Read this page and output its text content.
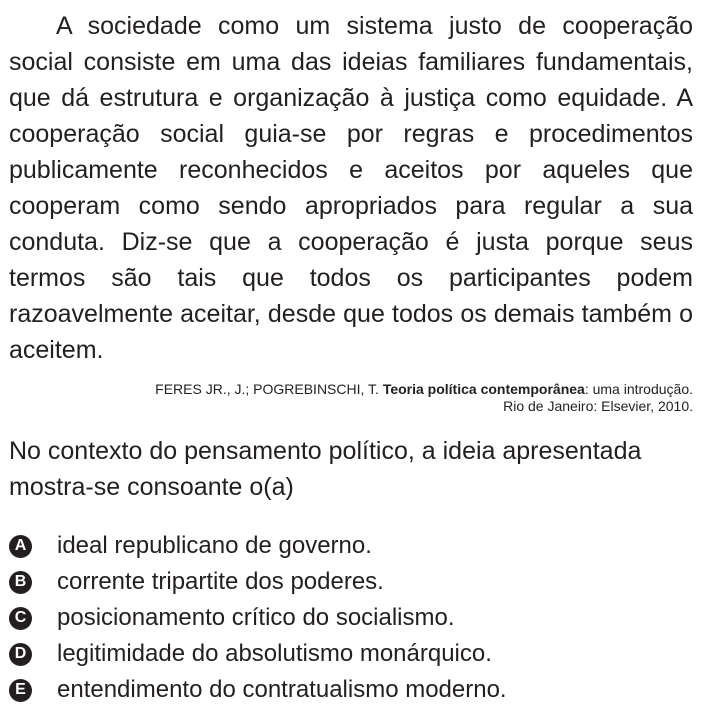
A sociedade como um sistema justo de cooperação social consiste em uma das ideias familiares fundamentais, que dá estrutura e organização à justiça como equidade. A cooperação social guia-se por regras e procedimentos publicamente reconhecidos e aceitos por aqueles que cooperam como sendo apropriados para regular a sua conduta. Diz-se que a cooperação é justa porque seus termos são tais que todos os participantes podem razoavelmente aceitar, desde que todos os demais também o aceitem.

FERES JR., J.; POGREBINSCHI, T. Teoria política contemporânea: uma introdução.
Rio de Janeiro: Elsevier, 2010.

No contexto do pensamento político, a ideia apresentada mostra-se consoante o(a)

A ideal republicano de governo.
B corrente tripartite dos poderes.
C posicionamento crítico do socialismo.
D legitimidade do absolutismo monárquico.
E entendimento do contratualismo moderno.
